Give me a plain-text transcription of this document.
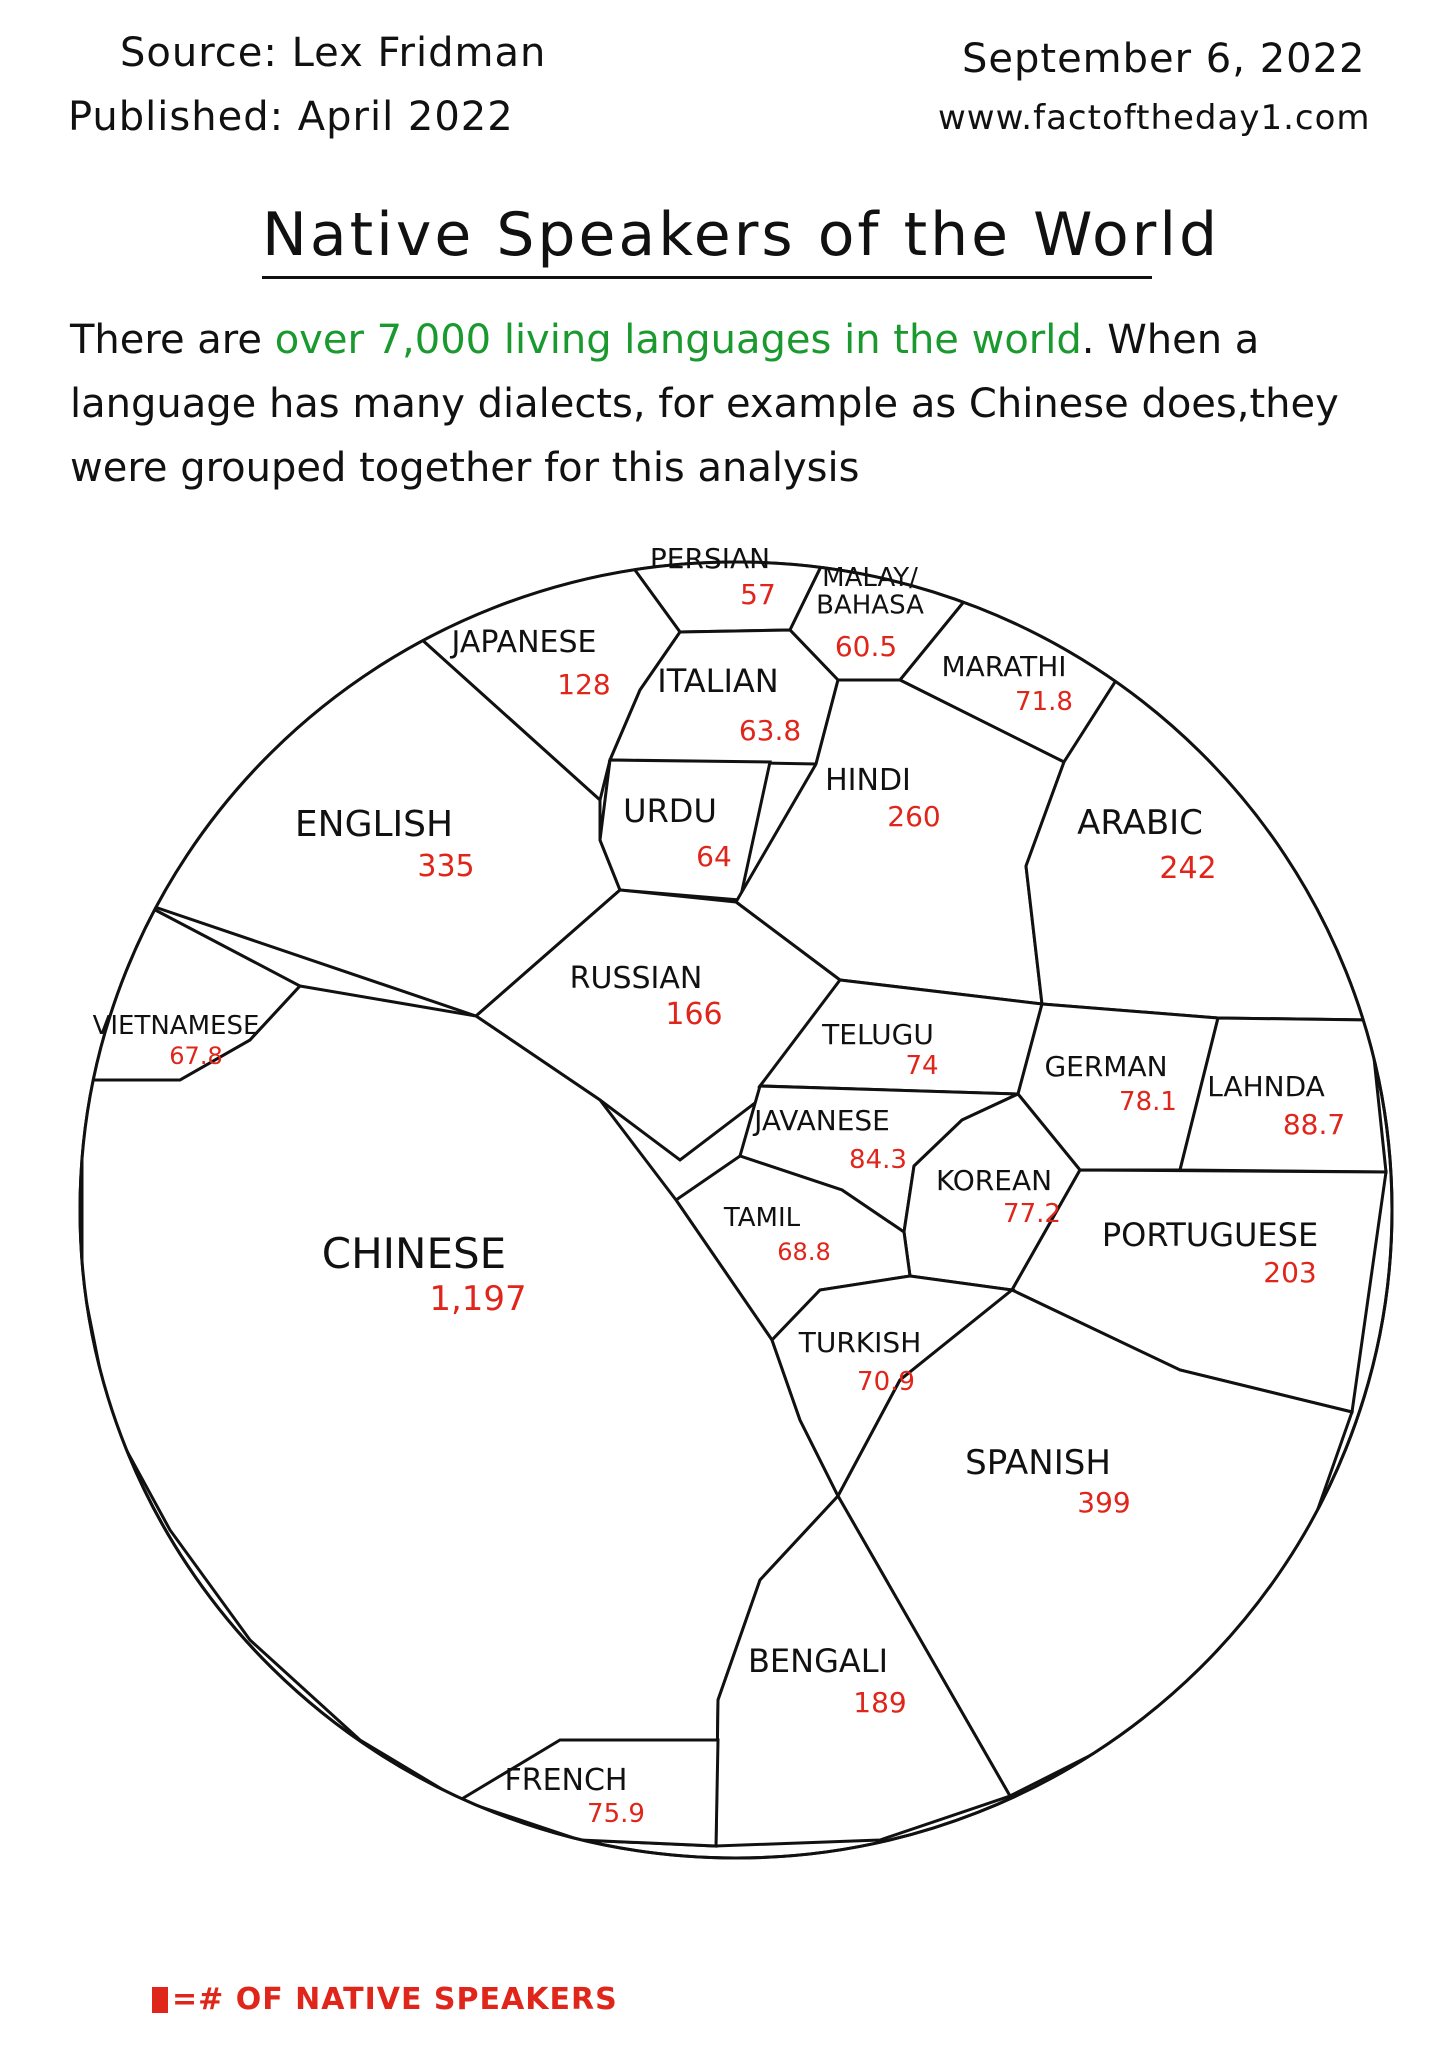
Source: Lex Fridman
Published: April 2022
September 6, 2022
www.factoftheday1.com
Native Speakers of the World
There are over 7,000 living languages in the world. When a language has many dialects, for example as Chinese does,they were grouped together for this analysis
PERSIAN
57 MALAY/ BAHASA
60.5
JAPANESE
128 ITALIAN
63.8
MARATHI
71.8
ENGLISH
335
URDU
64
HINDI
260	ARABIC
242
RUSSIAN
166
VIETNAMESE
67.8
TELUGU
74	GERMAN
78.1 LAHNDA
88.7
JAVANESE
84.3
KOREAN
77.2
TAMIL
68.8	PORTUGUESE
203
CHINESE
1,197
TURKISH
70.9
SPANISH
399
BENGALI
189
FRENCH
75.9
=# OF NATIVE SPEAKERS
